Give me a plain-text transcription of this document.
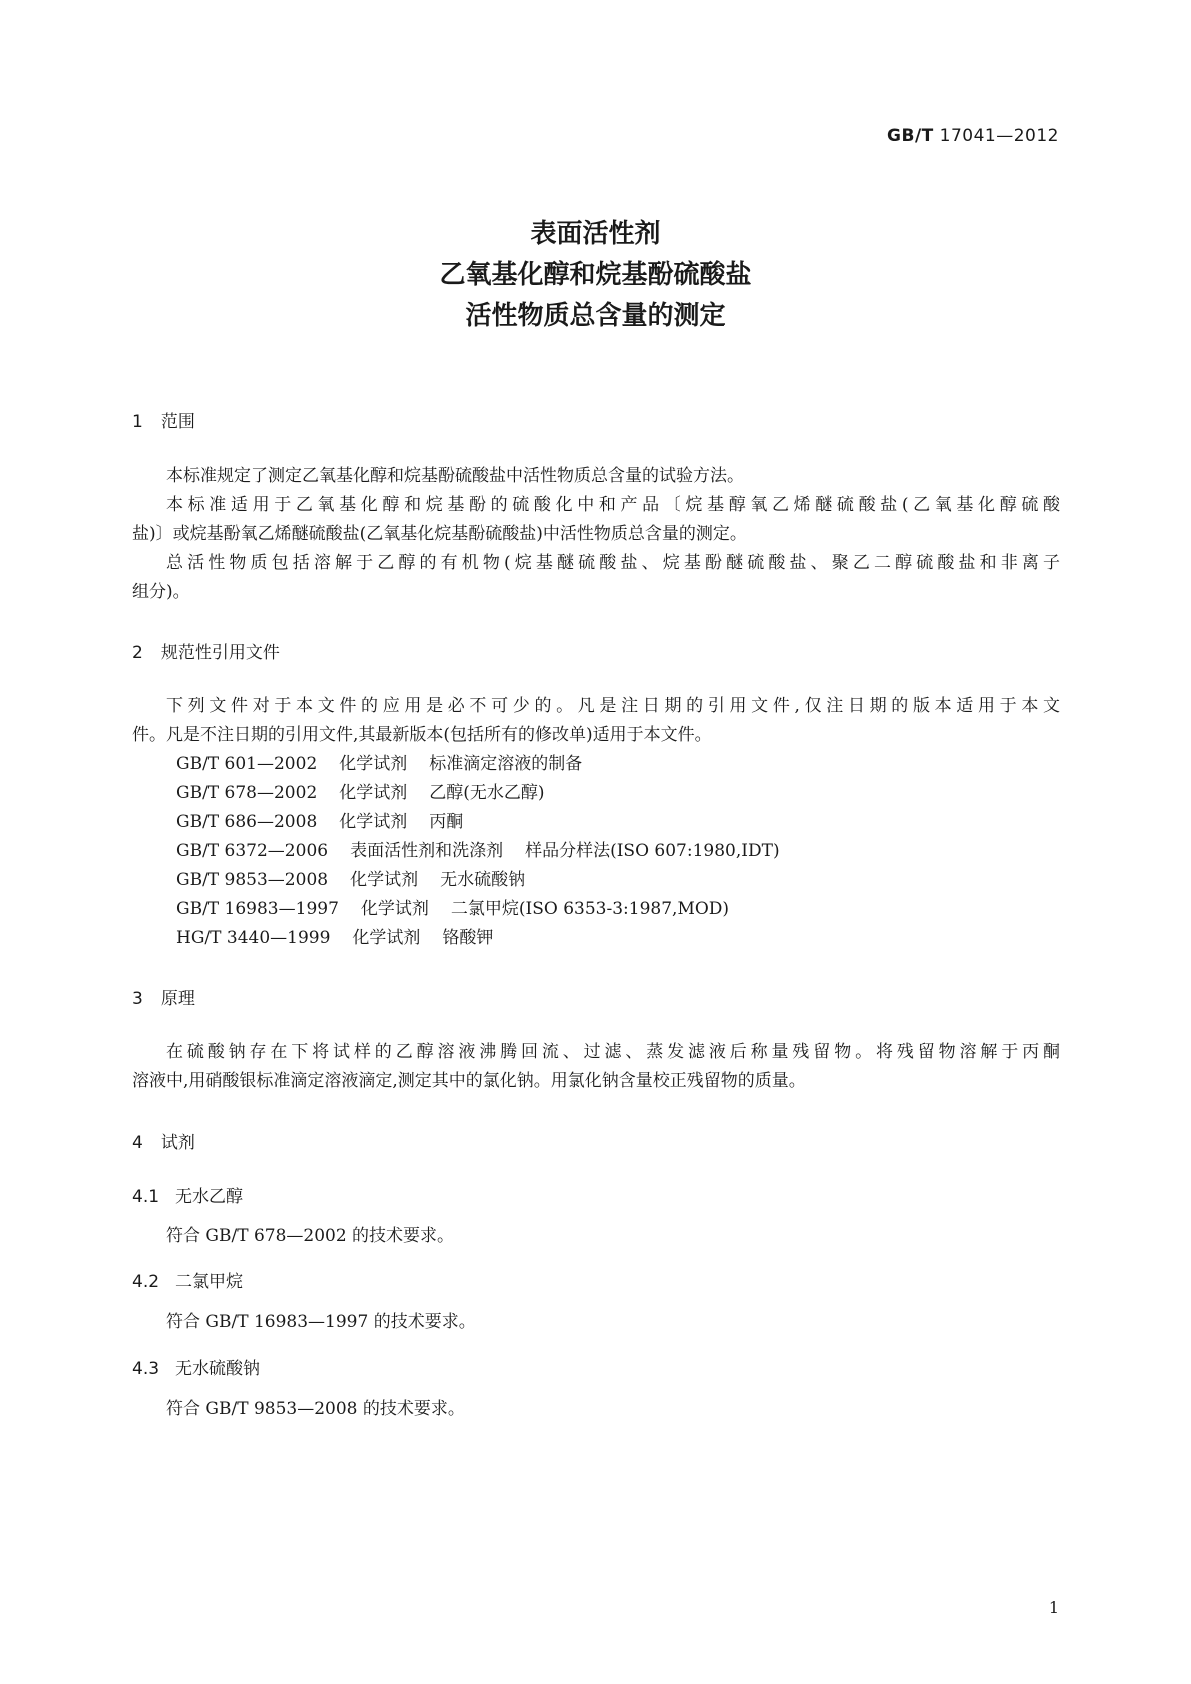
GB/T 17041—2012
表面活性剂
乙氧基化醇和烷基酚硫酸盐
活性物质总含量的测定
1 范围

本标准规定了测定乙氧基化醇和烷基酚硫酸盐中活性物质总含量的试验方法。

本标准适用于乙氧基化醇和烷基酚的硫酸化中和产品〔烷基醇氧乙烯醚硫酸盐(乙氧基化醇硫酸

盐)〕或烷基酚氧乙烯醚硫酸盐(乙氧基化烷基酚硫酸盐)中活性物质总含量的测定。

总活性物质包括溶解于乙醇的有机物(烷基醚硫酸盐、烷基酚醚硫酸盐、聚乙二醇硫酸盐和非离子

组分)。
2 规范性引用文件

下列文件对于本文件的应用是必不可少的。凡是注日期的引用文件,仅注日期的版本适用于本文

件。凡是不注日期的引用文件,其最新版本(包括所有的修改单)适用于本文件。
GB/T 601—2002 化学试剂 标准滴定溶液的制备
GB/T 678—2002 化学试剂 乙醇(无水乙醇)
GB/T 686—2008 化学试剂 丙酮
GB/T 6372—2006 表面活性剂和洗涤剂 样品分样法(ISO 607:1980,IDT)
GB/T 9853—2008 化学试剂 无水硫酸钠
GB/T 16983—1997 化学试剂 二氯甲烷(ISO 6353-3:1987,MOD)
HG/T 3440—1999 化学试剂 铬酸钾
3 原理

在硫酸钠存在下将试样的乙醇溶液沸腾回流、过滤、蒸发滤液后称量残留物。将残留物溶解于丙酮

溶液中,用硝酸银标准滴定溶液滴定,测定其中的氯化钠。用氯化钠含量校正残留物的质量。
4 试剂
4.1 无水乙醇

符合 GB/T 678—2002 的技术要求。

4.2 二氯甲烷

符合 GB/T 16983—1997 的技术要求。

4.3 无水硫酸钠

符合 GB/T 9853—2008 的技术要求。

1
